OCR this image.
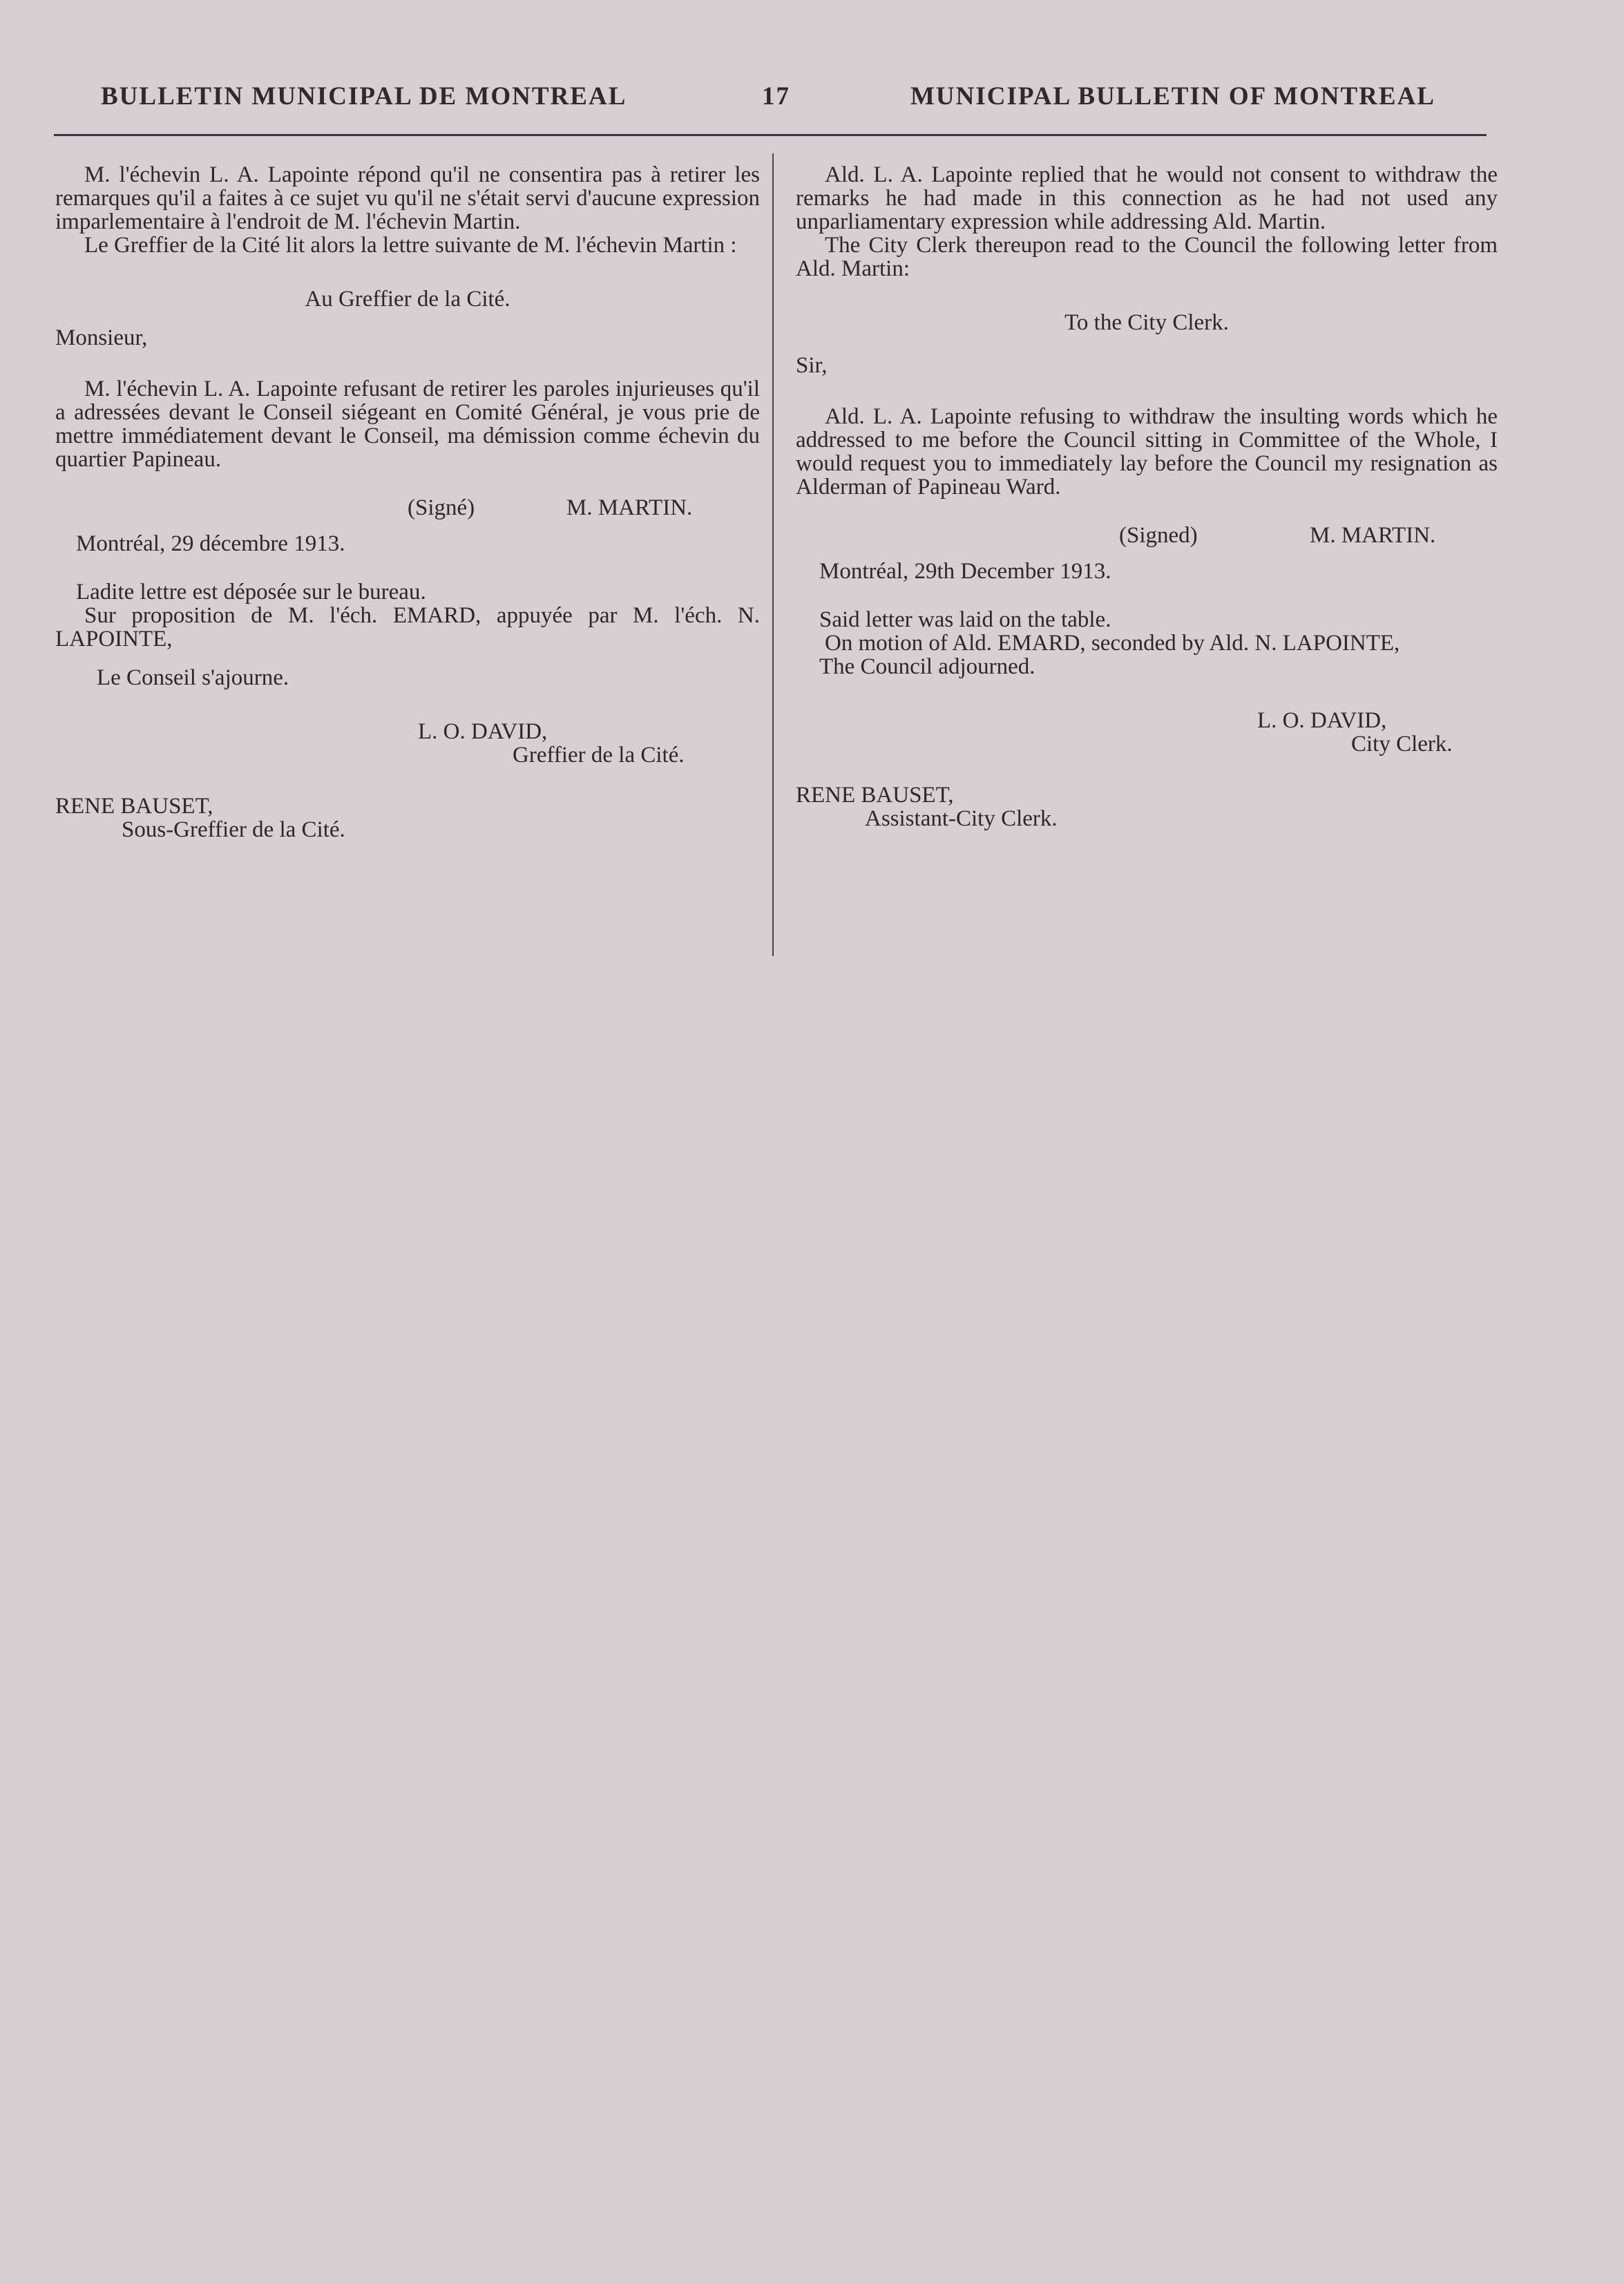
BULLETIN MUNICIPAL DE MONTREAL	17	MUNICIPAL BULLETIN OF MONTREAL

M. l'échevin L. A. Lapointe répond qu'il ne consentira pas à retirer les remarques qu'il a faites à ce sujet vu qu'il ne s'était servi d'aucune expression imparlementaire à l'endroit de M. l'échevin Martin.

Le Greffier de la Cité lit alors la lettre suivante de M. l'échevin Martin :

Au Greffier de la Cité.

Monsieur,

M. l'échevin L. A. Lapointe refusant de retirer les paroles injurieuses qu'il a adressées devant le Conseil siégeant en Comité Général, je vous prie de mettre immédiatement devant le Conseil, ma démission comme échevin du quartier Papineau.

(Signé)	M. MARTIN.

Montréal, 29 décembre 1913.

Ladite lettre est déposée sur le bureau.

Sur proposition de M. l'éch. EMARD, appuyée par M. l'éch. N. LAPOINTE,

Le Conseil s'ajourne.

L. O. DAVID,
Greffier de la Cité.

RENE BAUSET,

Sous-Greffier de la Cité.

Ald. L. A. Lapointe replied that he would not consent to withdraw the remarks he had made in this connection as he had not used any unparliamentary expression while addressing Ald. Martin.

The City Clerk thereupon read to the Council the following letter from Ald. Martin:

To the City Clerk.

Sir,

Ald. L. A. Lapointe refusing to withdraw the insulting words which he addressed to me before the Council sitting in Committee of the Whole, I would request you to immediately lay before the Council my resignation as Alderman of Papineau Ward.

(Signed)	M. MARTIN.

Montréal, 29th December 1913.

Said letter was laid on the table.

On motion of Ald. EMARD, seconded by Ald. N. LAPOINTE,

The Council adjourned.

L. O. DAVID,
City Clerk.

RENE BAUSET,

Assistant-City Clerk.
